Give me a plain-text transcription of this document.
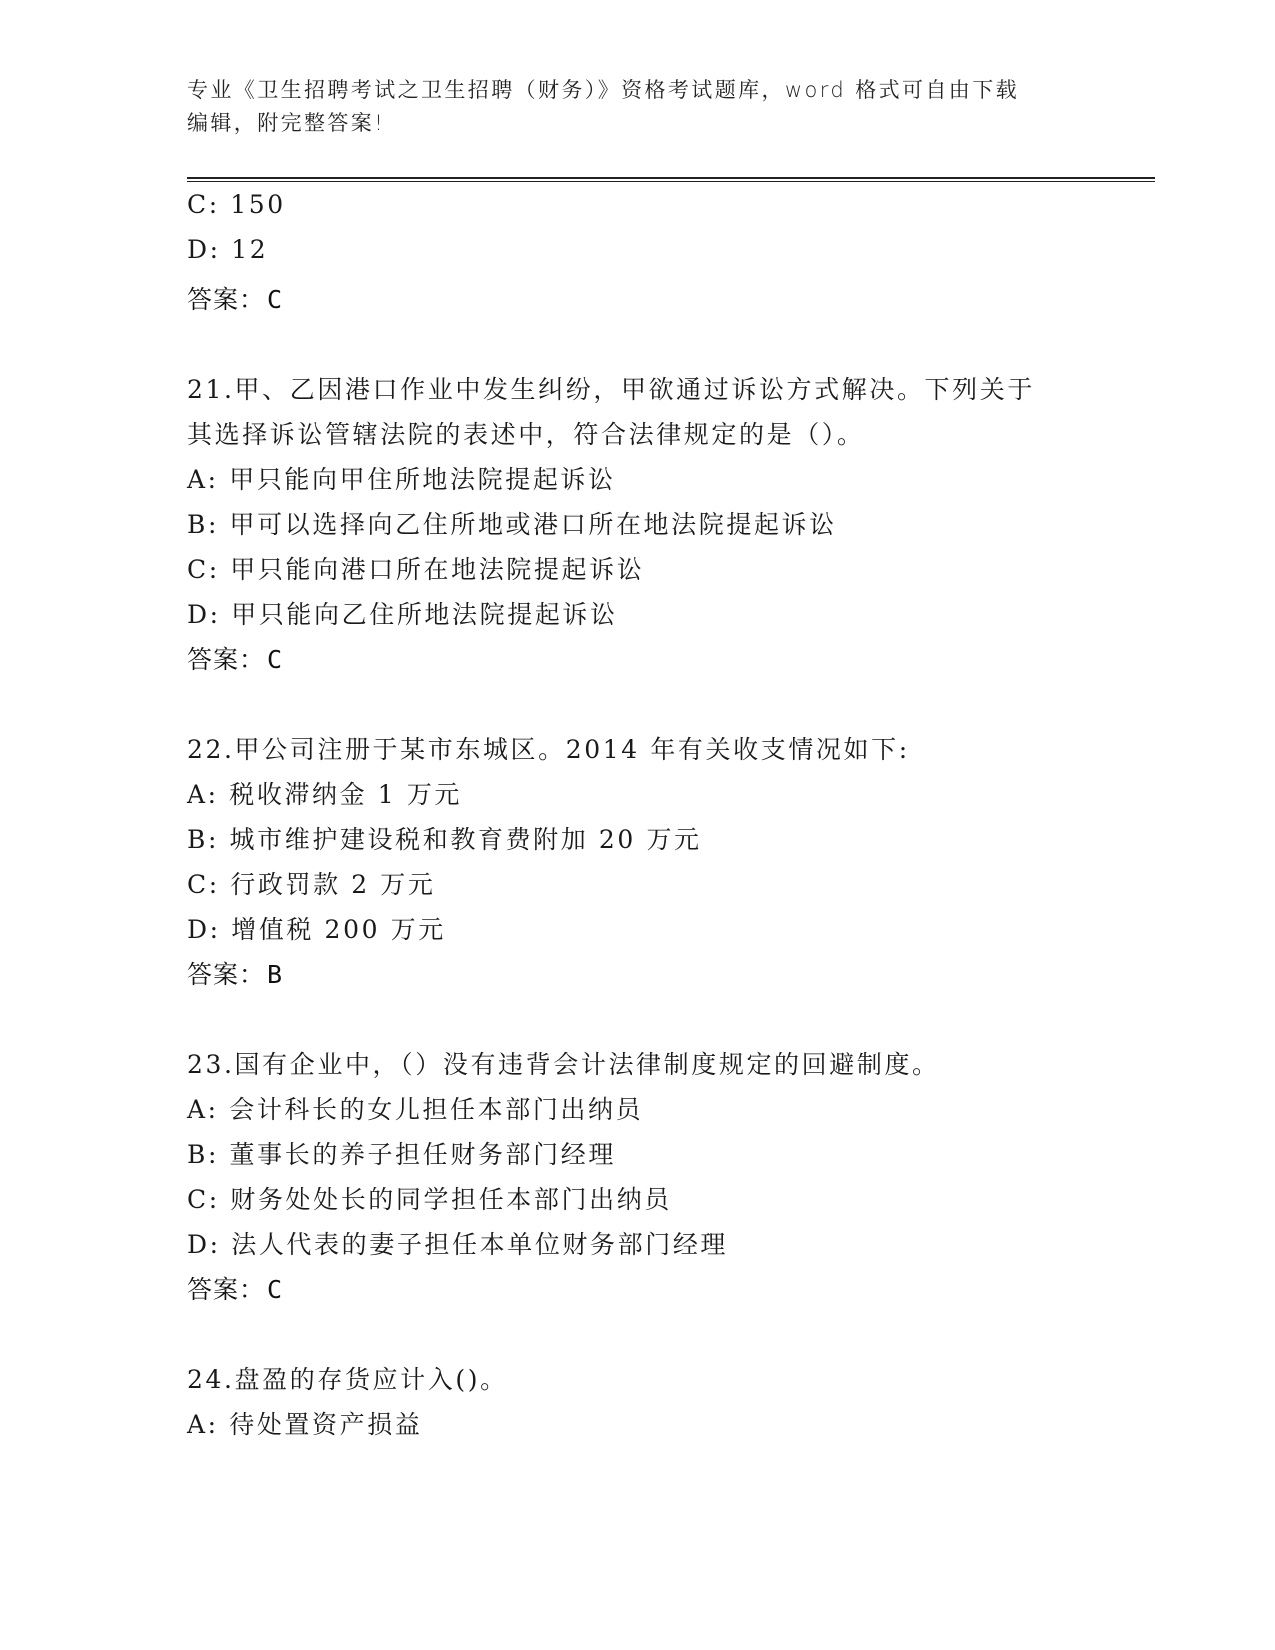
专业《卫生招聘考试之卫生招聘（财务）》资格考试题库，word 格式可自由下载
编辑，附完整答案!
C: 150
D: 12
答案：C
21.甲、乙因港口作业中发生纠纷，甲欲通过诉讼方式解决。下列关于
其选择诉讼管辖法院的表述中，符合法律规定的是（）。
A: 甲只能向甲住所地法院提起诉讼
B: 甲可以选择向乙住所地或港口所在地法院提起诉讼
C: 甲只能向港口所在地法院提起诉讼
D: 甲只能向乙住所地法院提起诉讼
答案：C
22.甲公司注册于某市东城区。2014 年有关收支情况如下:
A: 税收滞纳金 1 万元
B: 城市维护建设税和教育费附加 20 万元
C: 行政罚款 2 万元
D: 增值税 200 万元
答案：B
23.国有企业中，（）没有违背会计法律制度规定的回避制度。
A: 会计科长的女儿担任本部门出纳员
B: 董事长的养子担任财务部门经理
C: 财务处处长的同学担任本部门出纳员
D: 法人代表的妻子担任本单位财务部门经理
答案：C
24.盘盈的存货应计入()。
A: 待处置资产损益
